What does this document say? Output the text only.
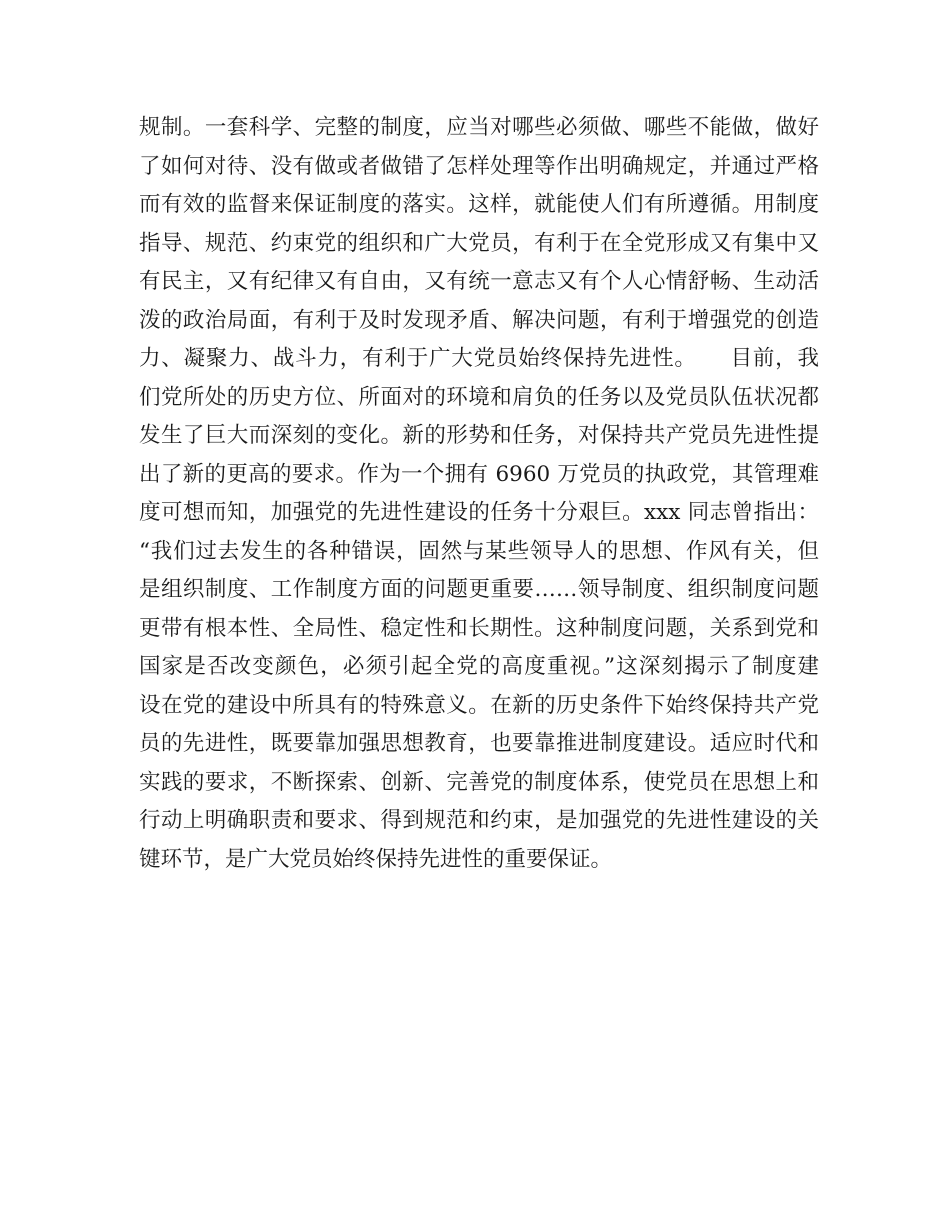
规制。一套科学、完整的制度，应当对哪些必须做、哪些不能做，做好
了如何对待、没有做或者做错了怎样处理等作出明确规定，并通过严格
而有效的监督来保证制度的落实。这样，就能使人们有所遵循。用制度
指导、规范、约束党的组织和广大党员，有利于在全党形成又有集中又
有民主，又有纪律又有自由，又有统一意志又有个人心情舒畅、生动活
泼的政治局面，有利于及时发现矛盾、解决问题，有利于增强党的创造
力、凝聚力、战斗力，有利于广大党员始终保持先进性。　　目前，我
们党所处的历史方位、所面对的环境和肩负的任务以及党员队伍状况都
发生了巨大而深刻的变化。新的形势和任务，对保持共产党员先进性提
出了新的更高的要求。作为一个拥有 6960 万党员的执政党，其管理难
度可想而知，加强党的先进性建设的任务十分艰巨。xxx 同志曾指出：
“我们过去发生的各种错误，固然与某些领导人的思想、作风有关，但
是组织制度、工作制度方面的问题更重要……领导制度、组织制度问题
更带有根本性、全局性、稳定性和长期性。这种制度问题，关系到党和
国家是否改变颜色，必须引起全党的高度重视。”这深刻揭示了制度建
设在党的建设中所具有的特殊意义。在新的历史条件下始终保持共产党
员的先进性，既要靠加强思想教育，也要靠推进制度建设。适应时代和
实践的要求，不断探索、创新、完善党的制度体系，使党员在思想上和
行动上明确职责和要求、得到规范和约束，是加强党的先进性建设的关
键环节，是广大党员始终保持先进性的重要保证。
